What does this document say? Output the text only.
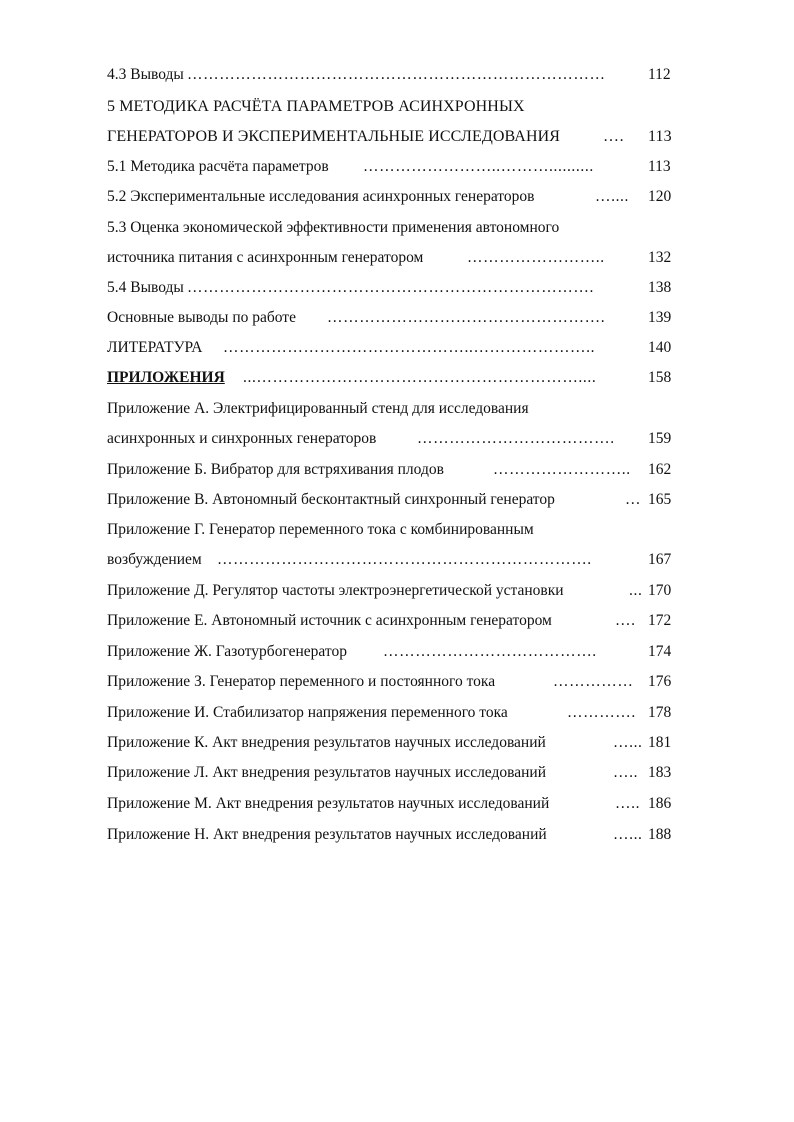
4.3 Выводы ……………………………………………………………………	112
5 МЕТОДИКА РАСЧЁТА ПАРАМЕТРОВ АСИНХРОННЫХ
ГЕНЕРАТОРОВ И ЭКСПЕРИМЕНТАЛЬНЫЕ ИССЛЕДОВАНИЯ	….	113
5.1 Методика расчёта параметров ……………………..………..........	113
5.2 Экспериментальные исследования асинхронных генераторов	…....	120
5.3 Оценка экономической эффективности применения автономного
источника питания с асинхронным генератором	……………………..	132
5.4 Выводы ………………………………………………………………….	138
Основные выводы по работе …………………………………………….	139
ЛИТЕРАТУРА ………………………………………..…………………..	140
ПРИЛОЖЕНИЯ ...……………………………………………………....	158
Приложение А. Электрифицированный стенд для исследования
асинхронных и синхронных генераторов	……………………………….	159
Приложение Б. Вибратор для встряхивания плодов	……………………..	162
Приложение В. Автономный бесконтактный синхронный генератор	… 165
Приложение Г. Генератор переменного тока с комбинированным
возбуждением …………………………………………………………….	167
Приложение Д. Регулятор частоты электроэнергетической установки	... 170
Приложение Е. Автономный источник с асинхронным генератором	…. 172
Приложение Ж. Газотурбогенератор ………………………………….	174
Приложение З. Генератор переменного и постоянного тока	…………… 176
Приложение И. Стабилизатор напряжения переменного тока	…………. 178
Приложение К. Акт внедрения результатов научных исследований	…... 181
Приложение Л. Акт внедрения результатов научных исследований	….. 183
Приложение М. Акт внедрения результатов научных исследований	….. 186
Приложение Н. Акт внедрения результатов научных исследований	…... 188
